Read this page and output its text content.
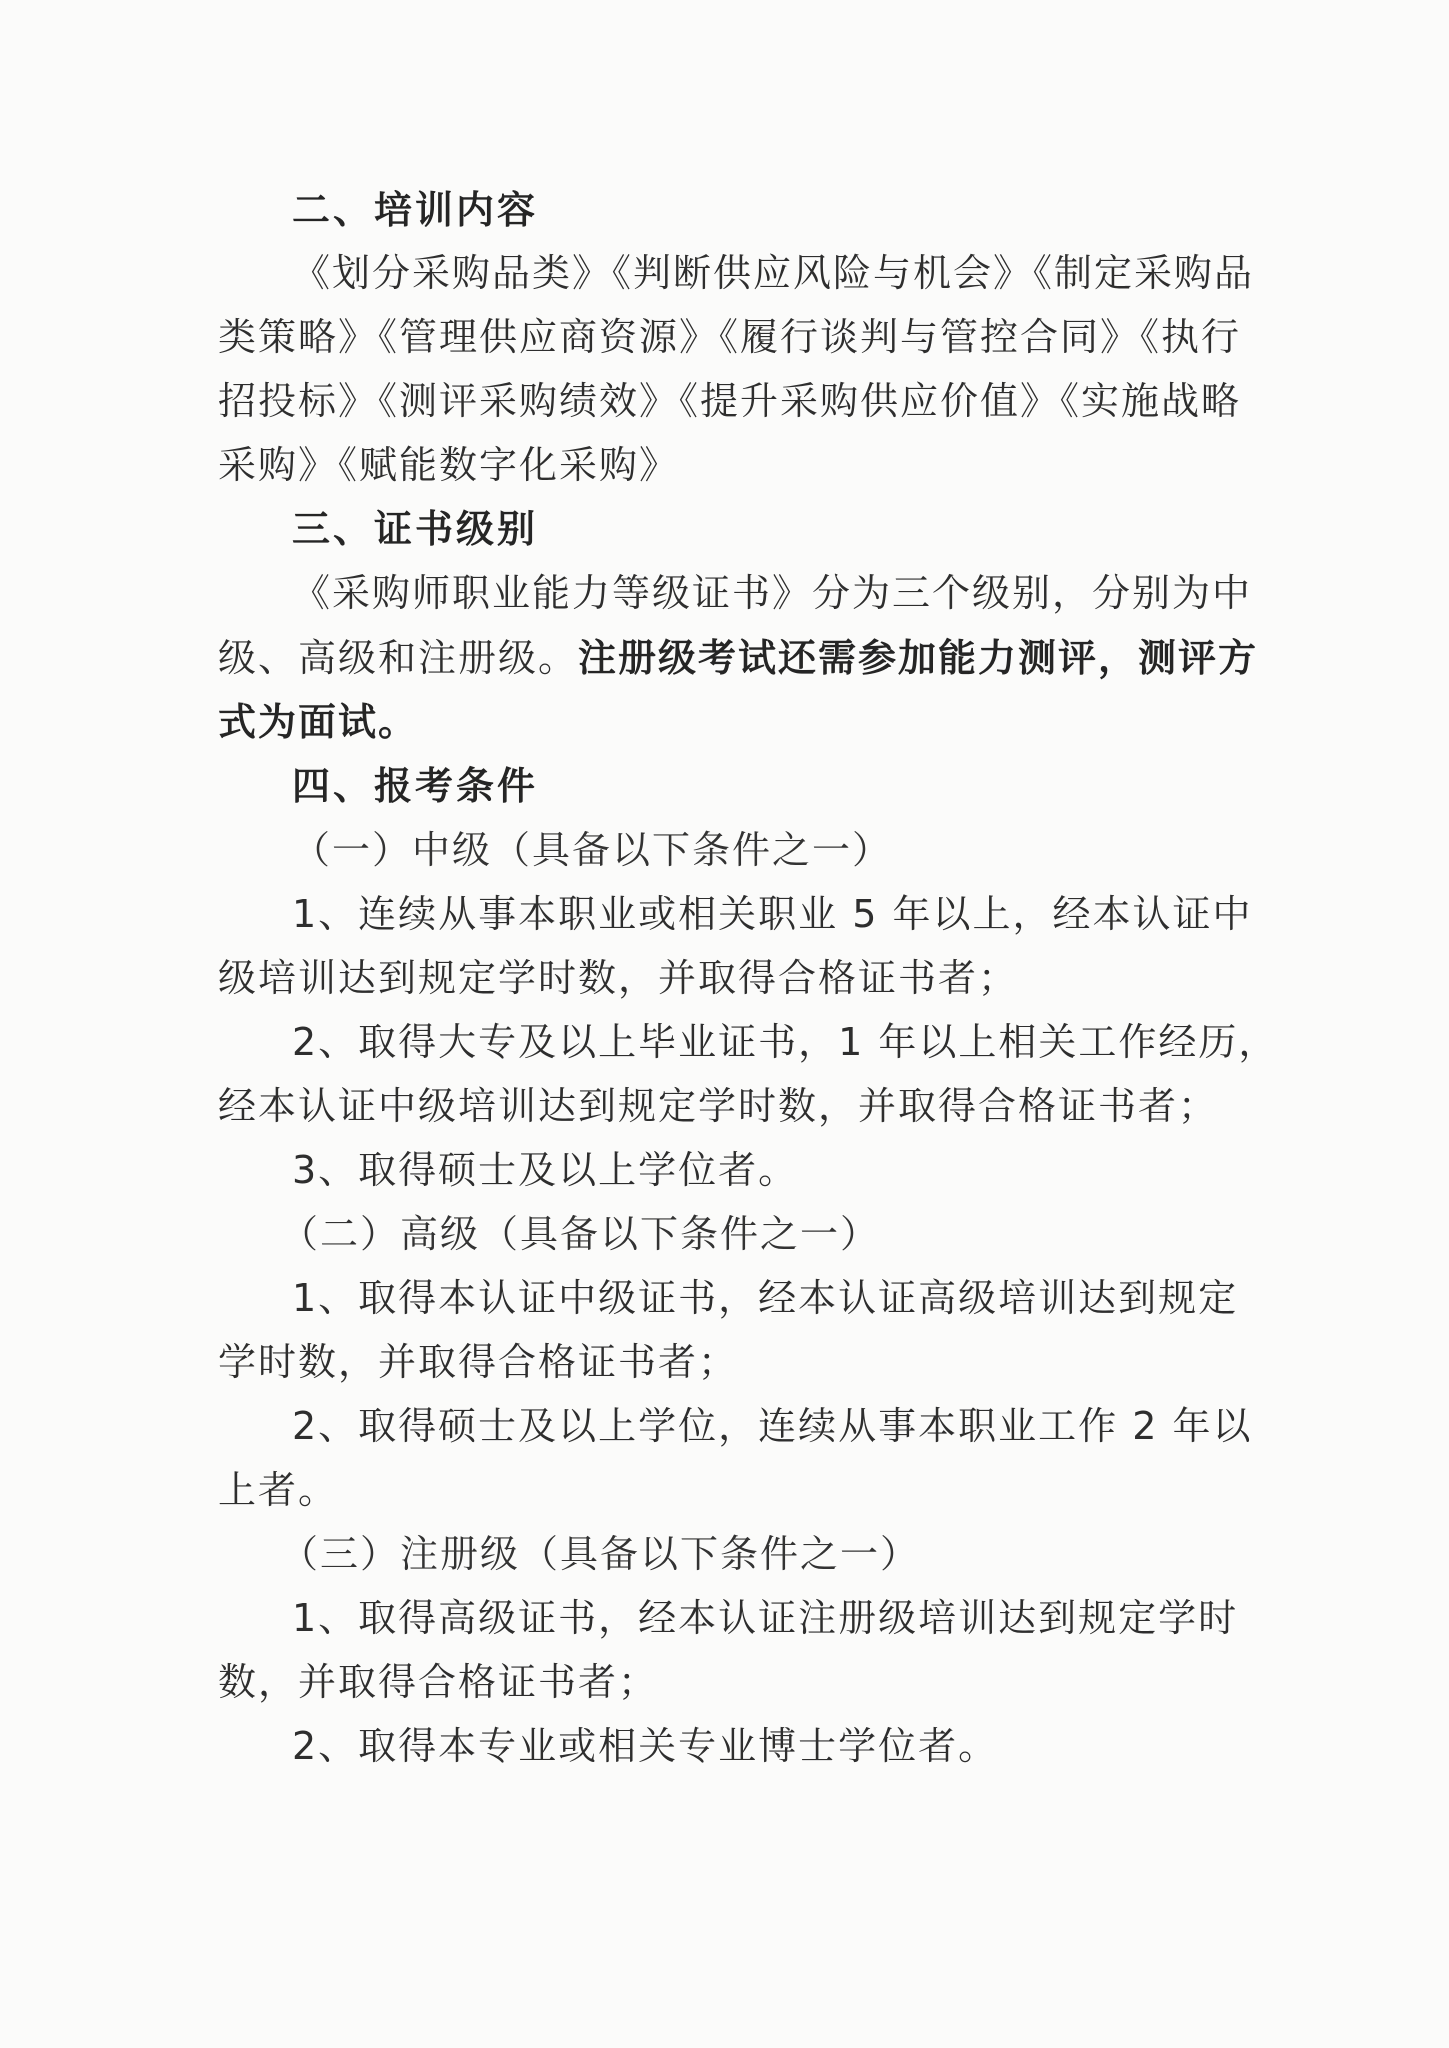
二、培训内容
《划分采购品类》《判断供应风险与机会》《制定采购品
类策略》《管理供应商资源》《履行谈判与管控合同》《执行
招投标》《测评采购绩效》《提升采购供应价值》《实施战略
采购》《赋能数字化采购》
三、证书级别
《采购师职业能力等级证书》分为三个级别，分别为中
级、高级和注册级。注册级考试还需参加能力测评，测评方
式为面试。
四、报考条件
（一）中级（具备以下条件之一）
1、连续从事本职业或相关职业 5 年以上，经本认证中
级培训达到规定学时数，并取得合格证书者；
2、取得大专及以上毕业证书，1 年以上相关工作经历，
经本认证中级培训达到规定学时数，并取得合格证书者；
3、取得硕士及以上学位者。
（二）高级（具备以下条件之一）
1、取得本认证中级证书，经本认证高级培训达到规定
学时数，并取得合格证书者；
2、取得硕士及以上学位，连续从事本职业工作 2 年以
上者。
（三）注册级（具备以下条件之一）
1、取得高级证书，经本认证注册级培训达到规定学时
数，并取得合格证书者；
2、取得本专业或相关专业博士学位者。
